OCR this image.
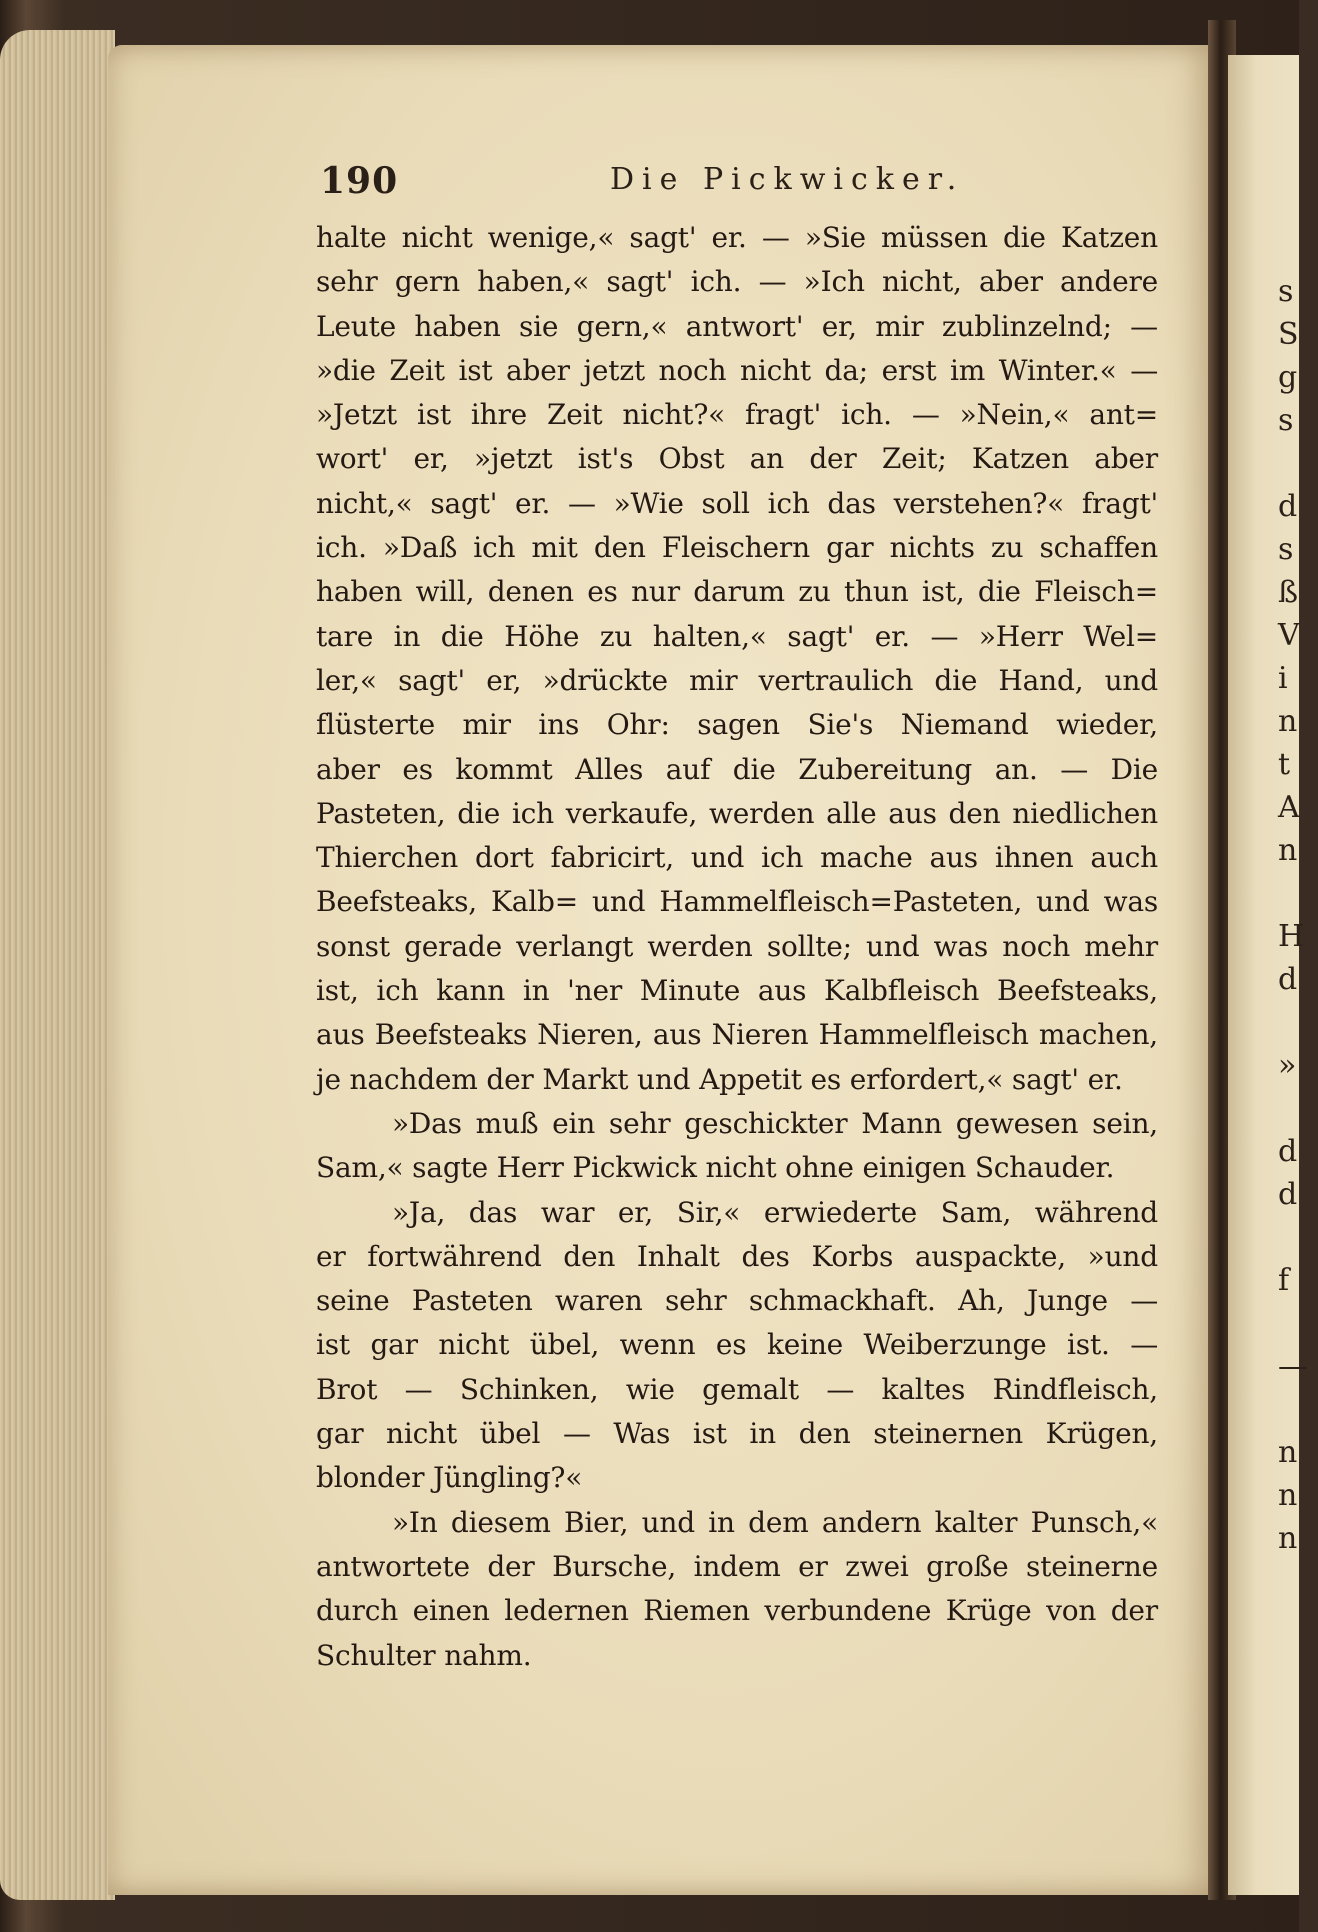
s
S
g
s

d
s
ß
V
i
n
t
A
n

H
d

»

d
d

f

—

n
n
n
190	Die Pickwicker.
halte nicht wenige,« sagt' er. — »Sie müssen die Katzen
sehr gern haben,« sagt' ich. — »Ich nicht, aber andere
Leute haben sie gern,« antwort' er, mir zublinzelnd; —
»die Zeit ist aber jetzt noch nicht da; erst im Winter.« —
»Jetzt ist ihre Zeit nicht?« fragt' ich. — »Nein,« ant=
wort' er, »jetzt ist's Obst an der Zeit; Katzen aber
nicht,« sagt' er. — »Wie soll ich das verstehen?« fragt'
ich. »Daß ich mit den Fleischern gar nichts zu schaffen
haben will, denen es nur darum zu thun ist, die Fleisch=
tare in die Höhe zu halten,« sagt' er. — »Herr Wel=
ler,« sagt' er, »drückte mir vertraulich die Hand, und
flüsterte mir ins Ohr: sagen Sie's Niemand wieder,
aber es kommt Alles auf die Zubereitung an. — Die
Pasteten, die ich verkaufe, werden alle aus den niedlichen
Thierchen dort fabricirt, und ich mache aus ihnen auch
Beefsteaks, Kalb= und Hammelfleisch=Pasteten, und was
sonst gerade verlangt werden sollte; und was noch mehr
ist, ich kann in 'ner Minute aus Kalbfleisch Beefsteaks,
aus Beefsteaks Nieren, aus Nieren Hammelfleisch machen,
je nachdem der Markt und Appetit es erfordert,« sagt' er.
»Das muß ein sehr geschickter Mann gewesen sein,
Sam,« sagte Herr Pickwick nicht ohne einigen Schauder.
»Ja, das war er, Sir,« erwiederte Sam, während
er fortwährend den Inhalt des Korbs auspackte, »und
seine Pasteten waren sehr schmackhaft. Ah, Junge —
ist gar nicht übel, wenn es keine Weiberzunge ist. —
Brot — Schinken, wie gemalt — kaltes Rindfleisch,
gar nicht übel — Was ist in den steinernen Krügen,
blonder Jüngling?«
»In diesem Bier, und in dem andern kalter Punsch,«
antwortete der Bursche, indem er zwei große steinerne
durch einen ledernen Riemen verbundene Krüge von der
Schulter nahm.
